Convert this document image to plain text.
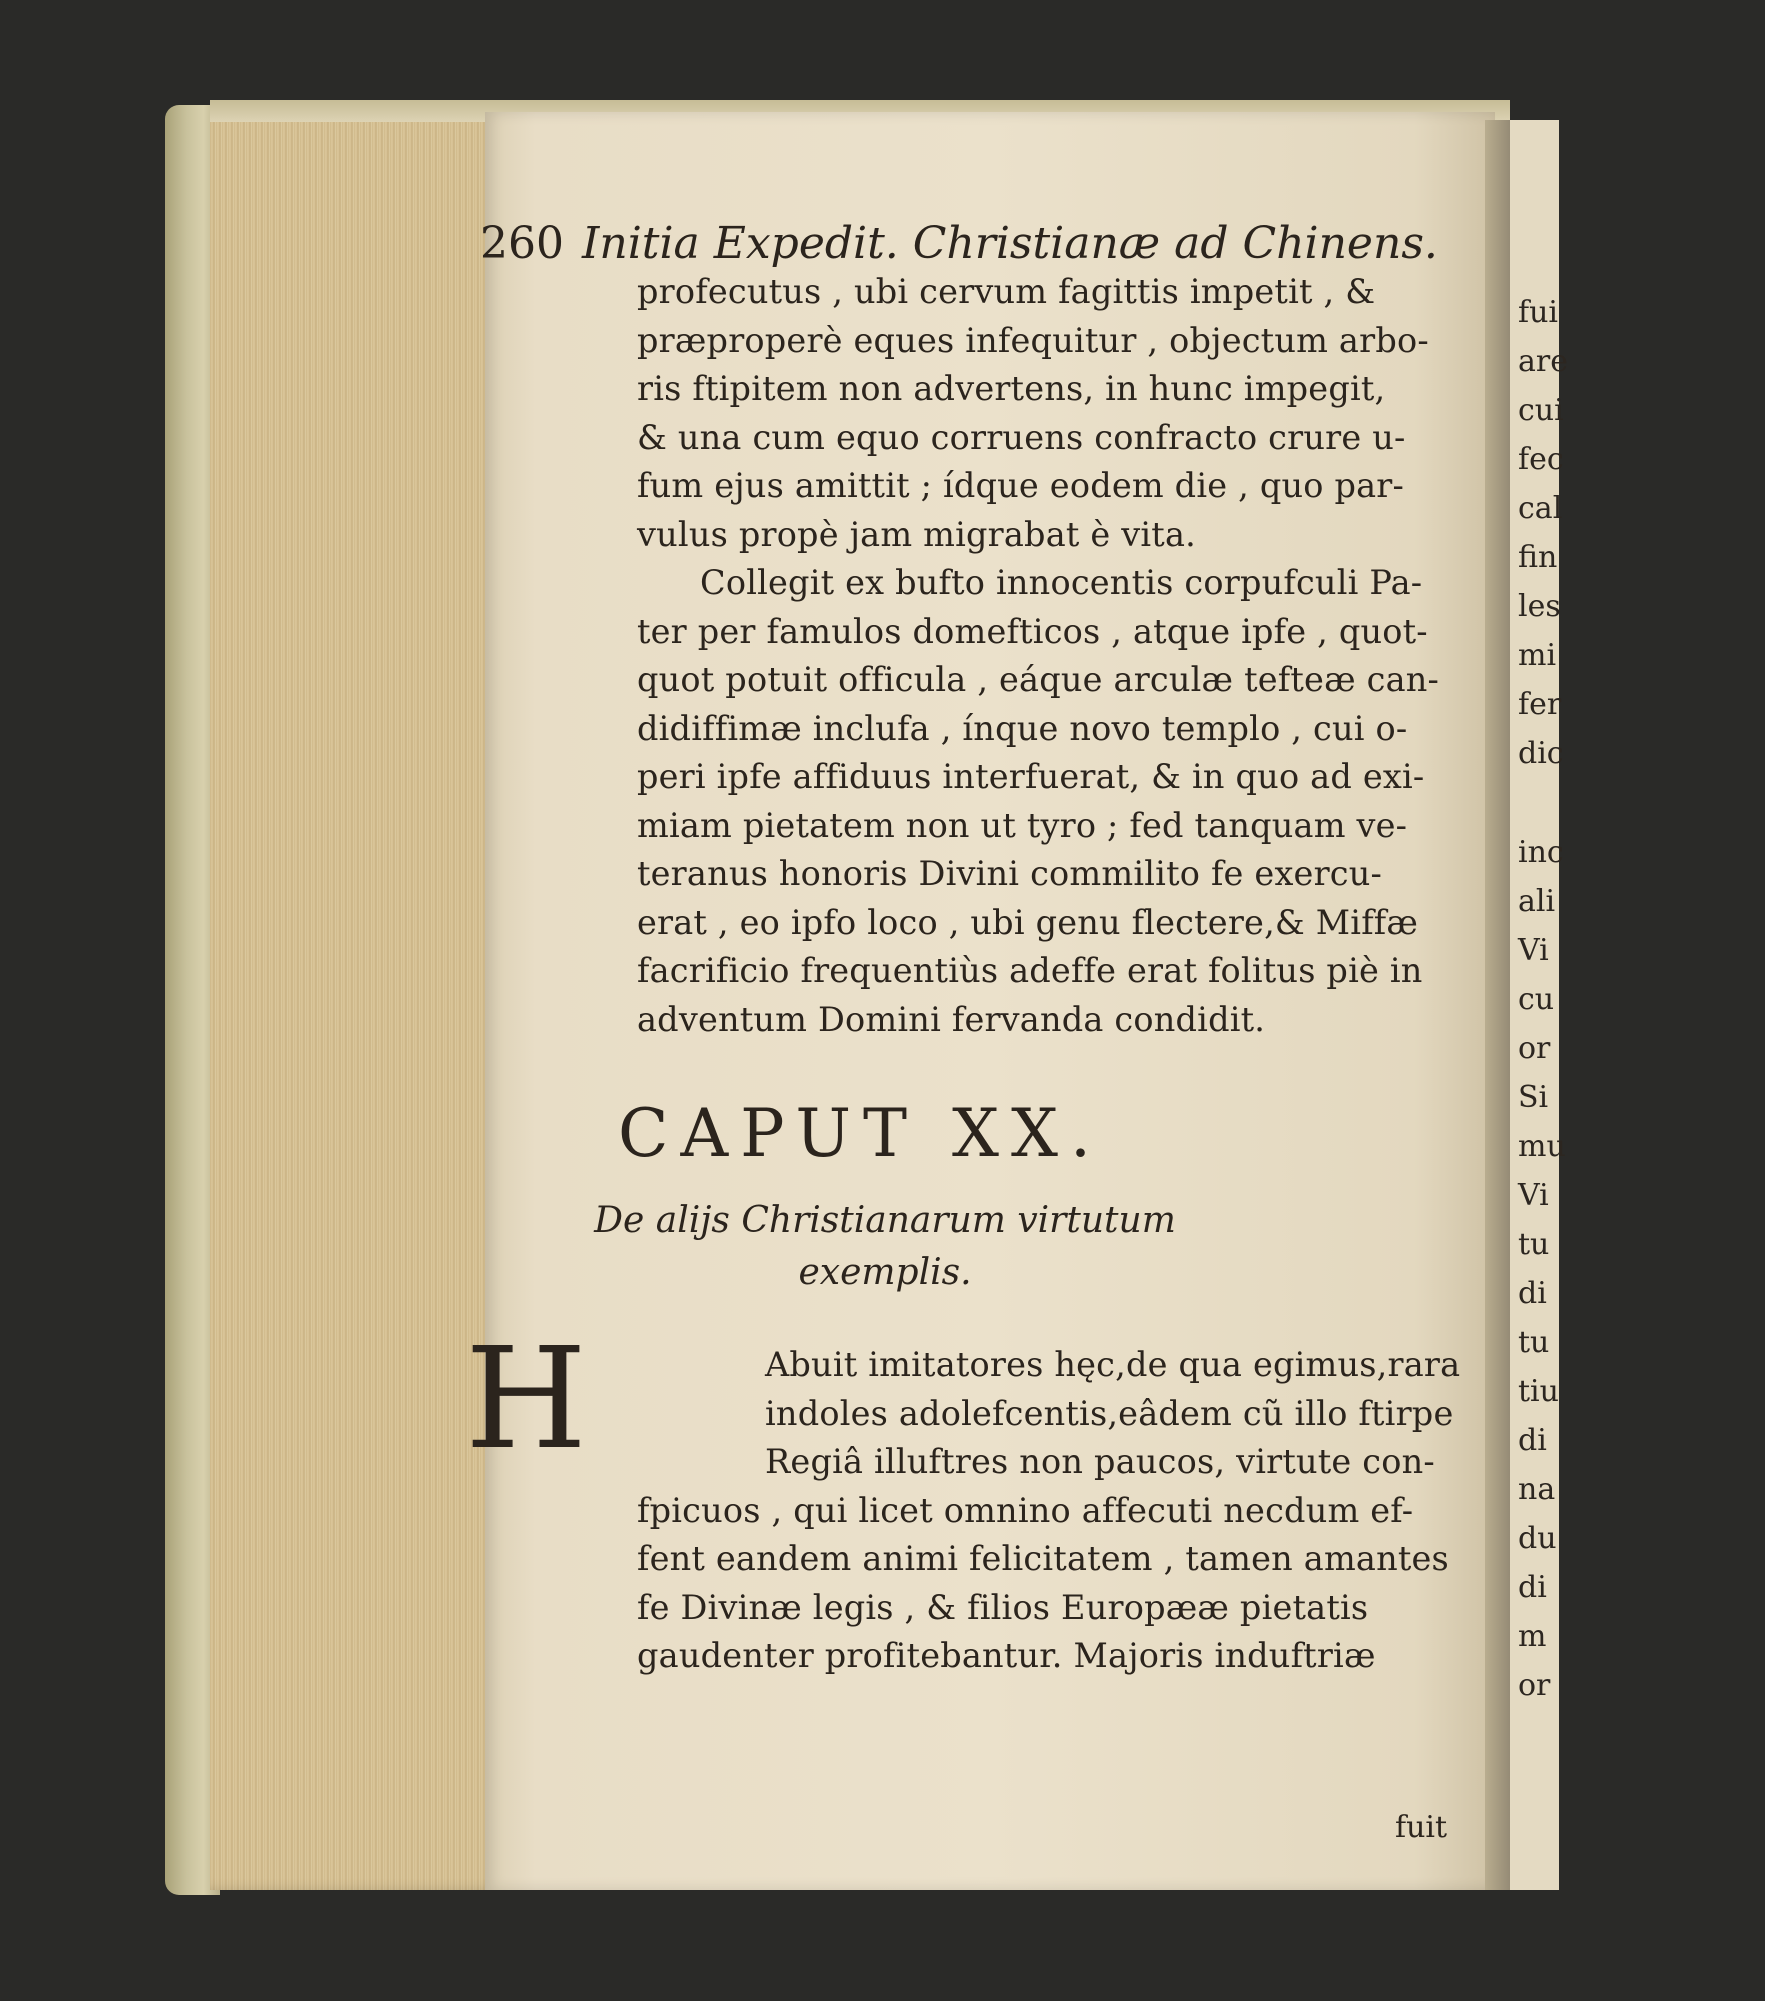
fui
are
cui
fec
cal
fin
les
mi
fer
dic
inc
ali
Vi
cu
or
Si
mu
Vi
tu
di
tu
tiu
di
na
du
di
m
or
260 Initia Expedit. Christianæ ad Chinens.
profecutus , ubi cervum fagittis impetit , &
præproperè eques infequitur , objectum arbo-
ris ftipitem non advertens, in hunc impegit,
& una cum equo corruens confracto crure u-
fum ejus amittit ; ídque eodem die , quo par-
vulus propè jam migrabat è vita.
Collegit ex bufto innocentis corpufculi Pa-
ter per famulos domefticos , atque ipfe , quot-
quot potuit officula , eáque arculæ tefteæ can-
didiffimæ inclufa , ínque novo templo , cui o-
peri ipfe affiduus interfuerat, & in quo ad exi-
miam pietatem non ut tyro ; fed tanquam ve-
teranus honoris Divini commilito fe exercu-
erat , eo ipfo loco , ubi genu flectere,& Miffæ
facrificio frequentiùs adeffe erat folitus piè in
adventum Domini fervanda condidit.
CAPUT XX.
De alijs Christianarum virtutum
exemplis.
H	Abuit imitatores hęc,de qua egimus,rara
indoles adolefcentis,eâdem cũ illo ftirpe
Regiâ illuftres non paucos, virtute con-
fpicuos , qui licet omnino affecuti necdum ef-
fent eandem animi felicitatem , tamen amantes
fe Divinæ legis , & filios Europææ pietatis
gaudenter profitebantur. Majoris induftriæ
fuit
